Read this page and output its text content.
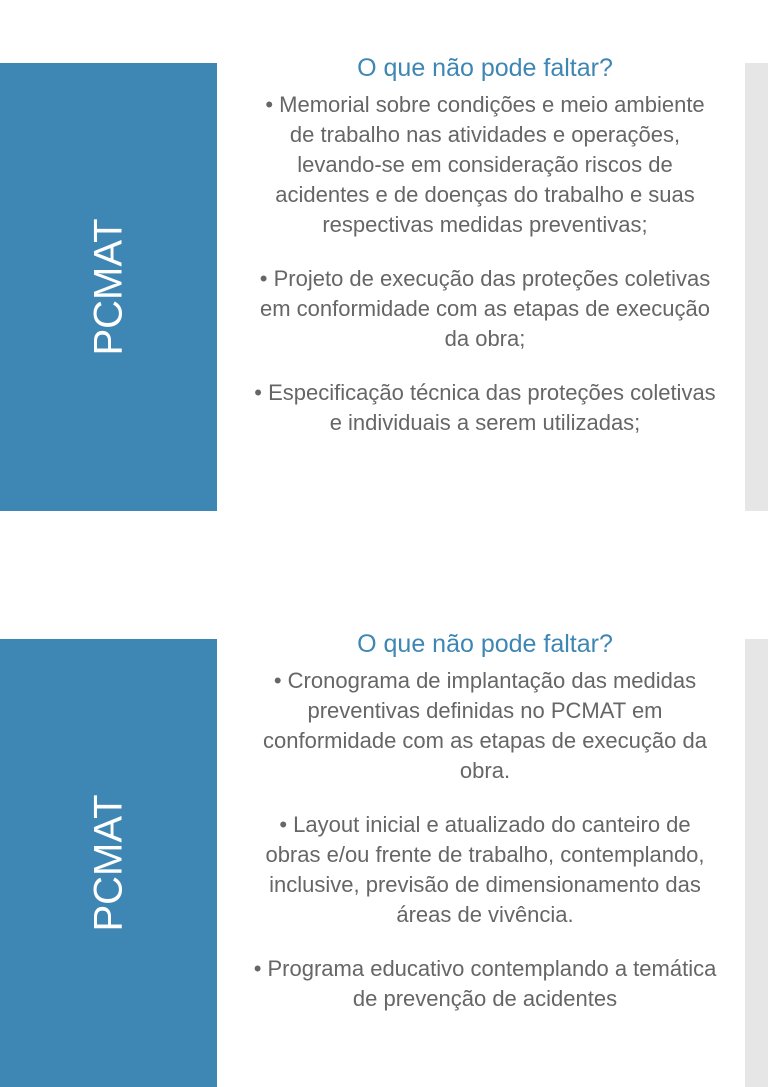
PCMAT
O que não pode faltar?

• Memorial sobre condições e meio ambiente de trabalho nas atividades e operações, levando-se em consideração riscos de acidentes e de doenças do trabalho e suas respectivas medidas preventivas;

• Projeto de execução das proteções coletivas em conformidade com as etapas de execução da obra;

• Especificação técnica das proteções coletivas e individuais a serem utilizadas;

PCMAT
O que não pode faltar?

• Cronograma de implantação das medidas preventivas definidas no PCMAT em conformidade com as etapas de execução da obra.

• Layout inicial e atualizado do canteiro de obras e/ou frente de trabalho, contemplando, inclusive, previsão de dimensionamento das áreas de vivência.

• Programa educativo contemplando a temática de prevenção de acidentes
